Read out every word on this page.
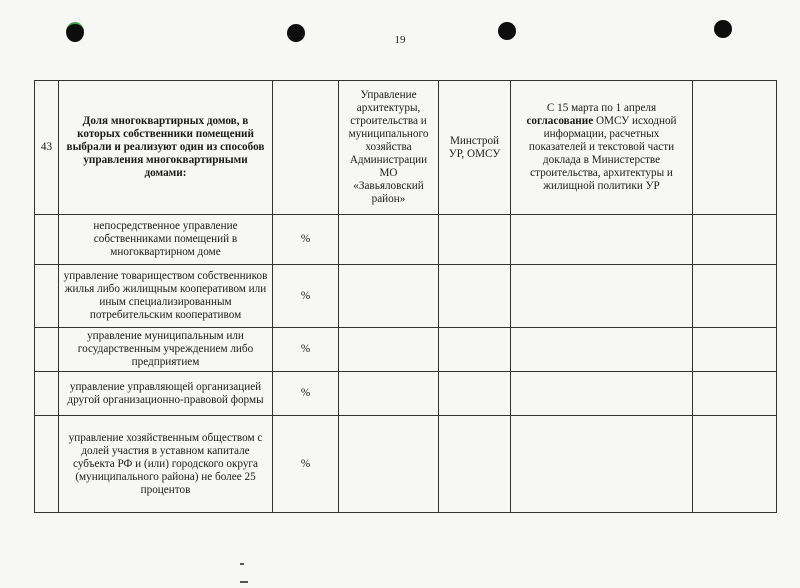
19
43	Доля многоквартирных домов, в которых собственники помещений выбрали и реализуют один из способов управления многоквартирными домами:		Управление архитектуры, строительства и муниципального хозяйства Администрации МО «Завьяловский район»	Минстрой УР, ОМСУ	С 15 марта по 1 апреля согласование ОМСУ исходной информации, расчетных показателей и текстовой части доклада в Министерстве строительства, архитектуры и жилищной политики УР	
	непосредственное управление собственниками помещений в многоквартирном доме	%				
	управление товариществом собственников жилья либо жилищным кооперативом или иным специализированным потребительским кооперативом	%				
	управление муниципальным или государственным учреждением либо предприятием	%				
	управление управляющей организацией другой организационно-правовой формы	%				
	управление хозяйственным обществом с долей участия в уставном капитале субъекта РФ и (или) городского округа (муниципального района) не более 25 процентов	%				
